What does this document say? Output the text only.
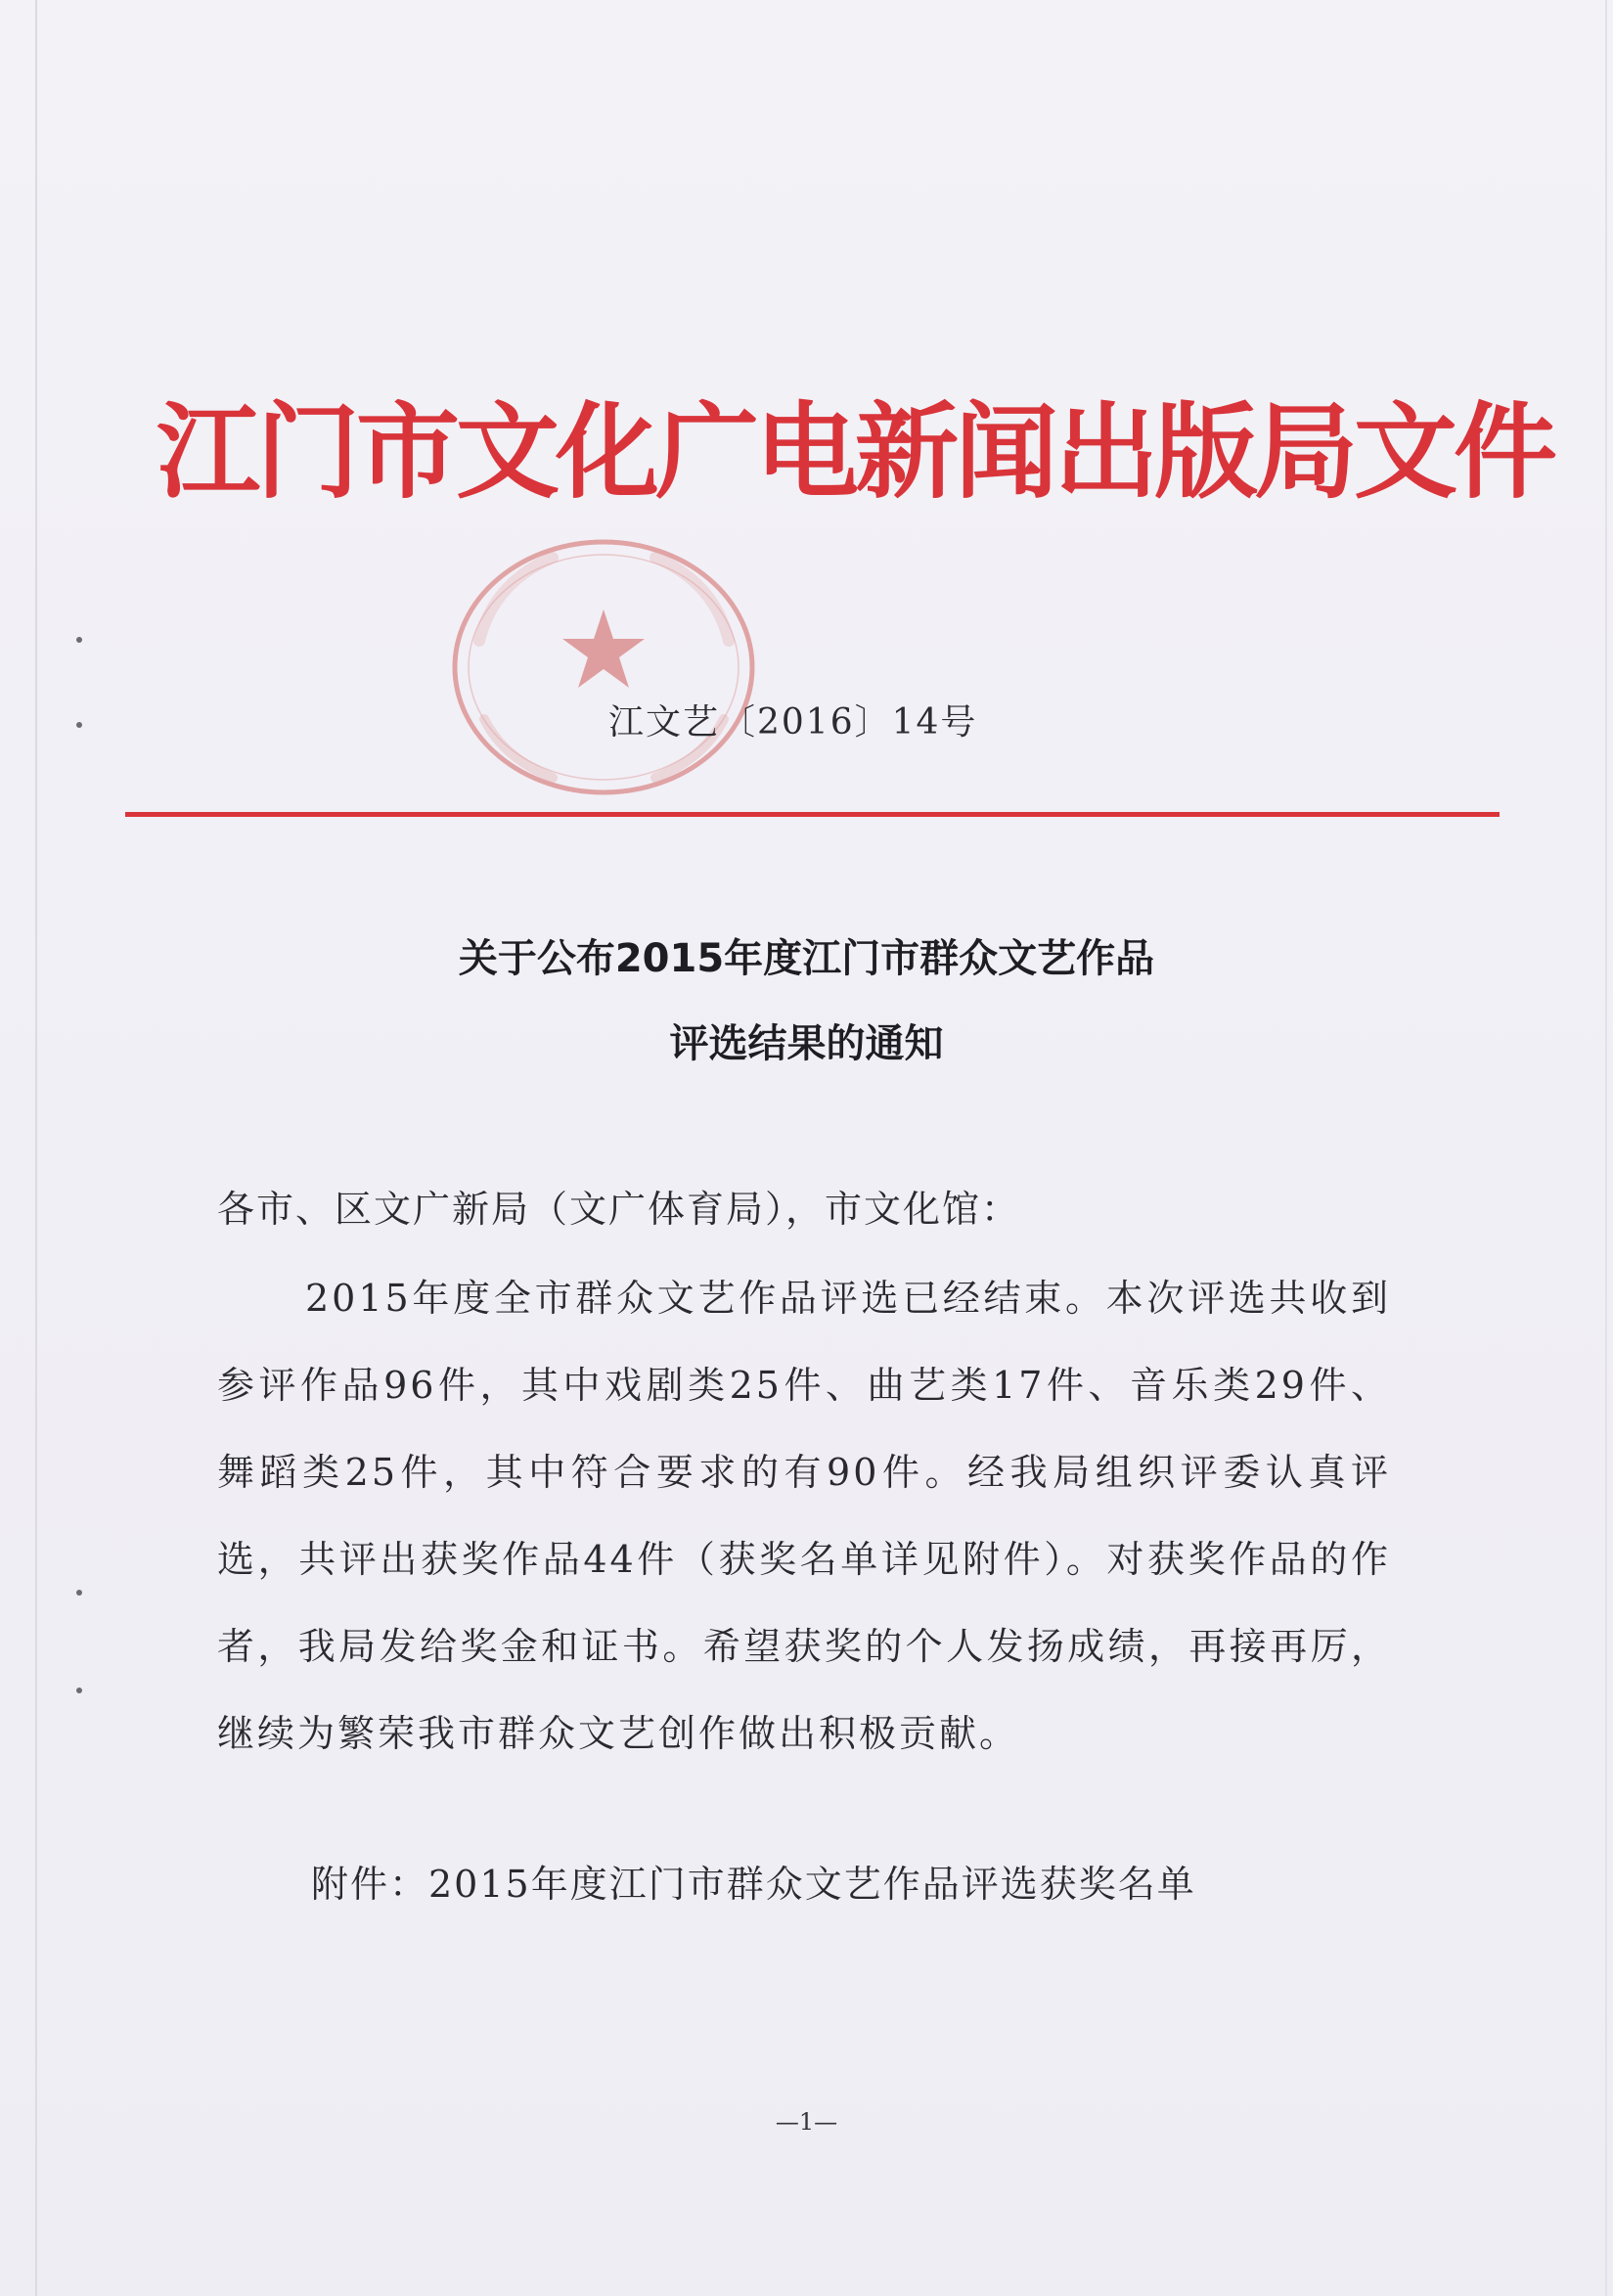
江门市文化广电新闻出版局文件
江文艺〔2016〕14号
关于公布2015年度江门市群众文艺作品
评选结果的通知
各市、区文广新局（文广体育局），市文化馆：
2015年度全市群众文艺作品评选已经结束。本次评选共收到参评作品96件，其中戏剧类25件、曲艺类17件、音乐类29件、舞蹈类25件，其中符合要求的有90件。经我局组织评委认真评选，共评出获奖作品44件（获奖名单详见附件）。对获奖作品的作者，我局发给奖金和证书。希望获奖的个人发扬成绩，再接再厉，继续为繁荣我市群众文艺创作做出积极贡献。
附件：2015年度江门市群众文艺作品评选获奖名单
—1—
